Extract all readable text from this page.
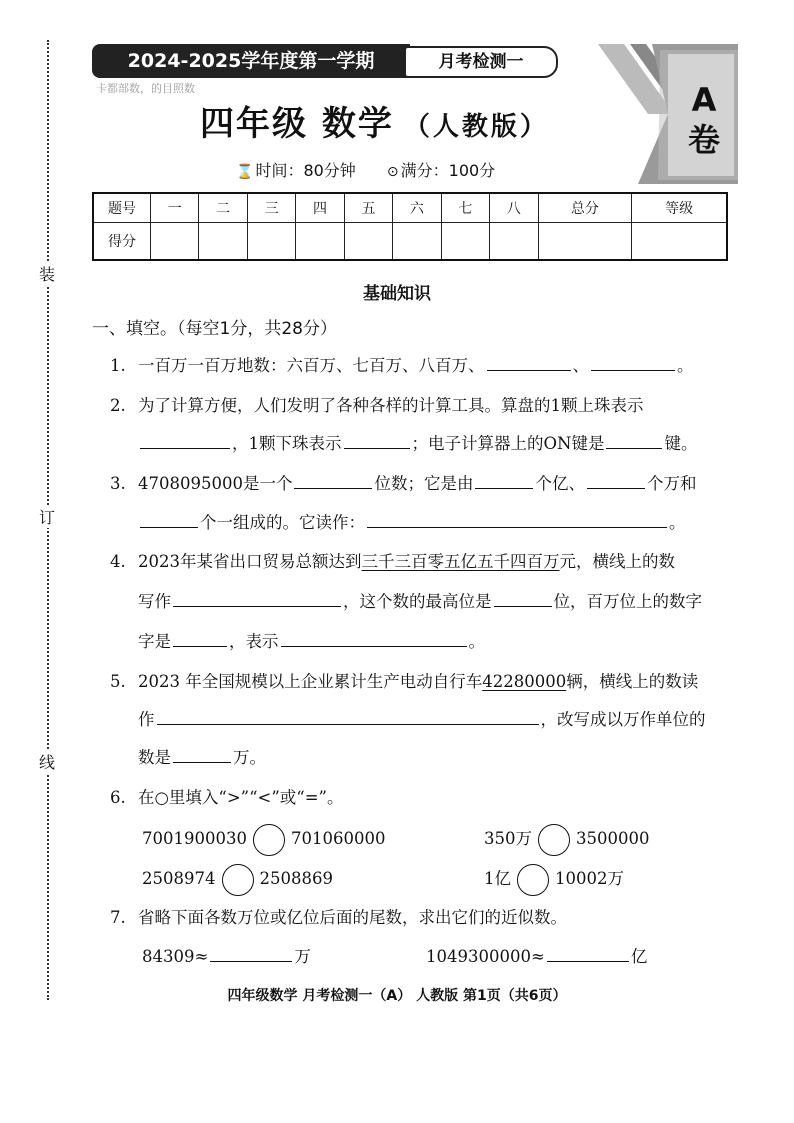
装
订
线
2024-2025学年度第一学期	月考检测一
卡都部数，的目照数	A卷
四年级 数学 （人教版）
⌛ 时间：80分钟 ⊙ 满分：100分
题号	一	二	三	四	五	六	七	八	总分	等级
得分										
基础知识
一、填空。（每空1分，共28分）
1. 一百万一百万地数：六百万、七百万、八百万、	、	。
2. 为了计算方便，人们发明了各种各样的计算工具。算盘的1颗上珠表示
，1颗下珠表示	；电子计算器上的ON键是	键。
3. 4708095000是一个	位数；它是由	个亿、	个万和
个一组成的。它读作：	。
4. 2023年某省出口贸易总额达到三千三百零五亿五千四百万元，横线上的数
写作	，这个数的最高位是	位，百万位上的数字
字是	，表示	。
5. 2023 年全国规模以上企业累计生产电动自行车42280000辆，横线上的数读
作	，改写成以万作单位的
数是	万。
6. 在○里填入“>”“<”或“=”。
7001900030	701060000	350万	3500000
2508974	2508869	1亿	10002万
7. 省略下面各数万位或亿位后面的尾数，求出它们的近似数。
84309≈	万	1049300000≈	亿
四年级数学 月考检测一（A） 人教版 第1页（共6页）
